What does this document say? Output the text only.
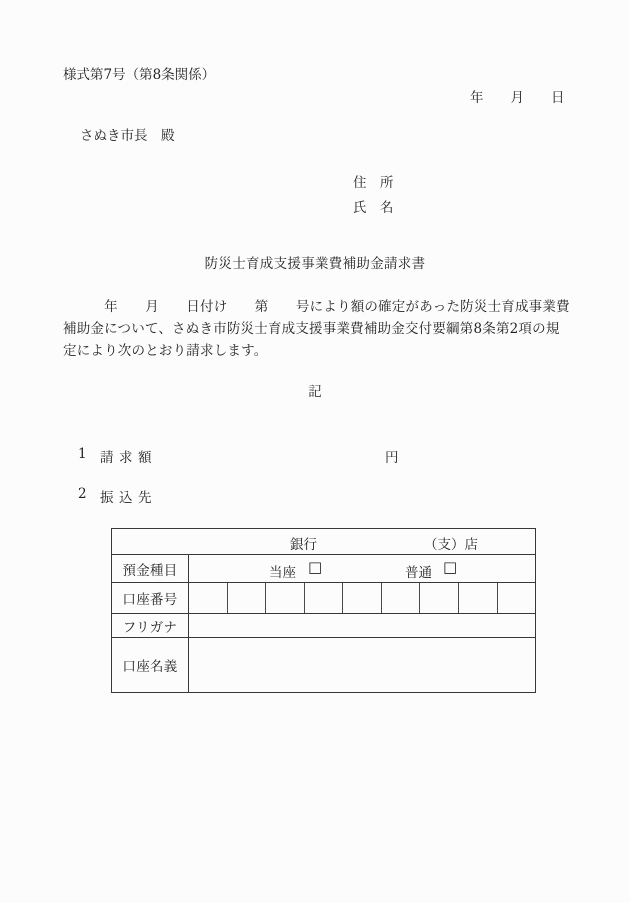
様式第7号（第8条関係）
年　　月　　日
さぬき市長　殿
住　所
氏　名
防災士育成支援事業費補助金請求書
　　　年　　月　　日付け　　第　　号により額の確定があった防災士育成事業費
補助金について、さぬき市防災士育成支援事業費補助金交付要綱第8条第2項の規
定により次のとおり請求します。
記
1 請 求 額	円
2 振 込 先
銀行	（支）店
預金種目	当座 □	普通 □
口座番号
フリガナ
口座名義
